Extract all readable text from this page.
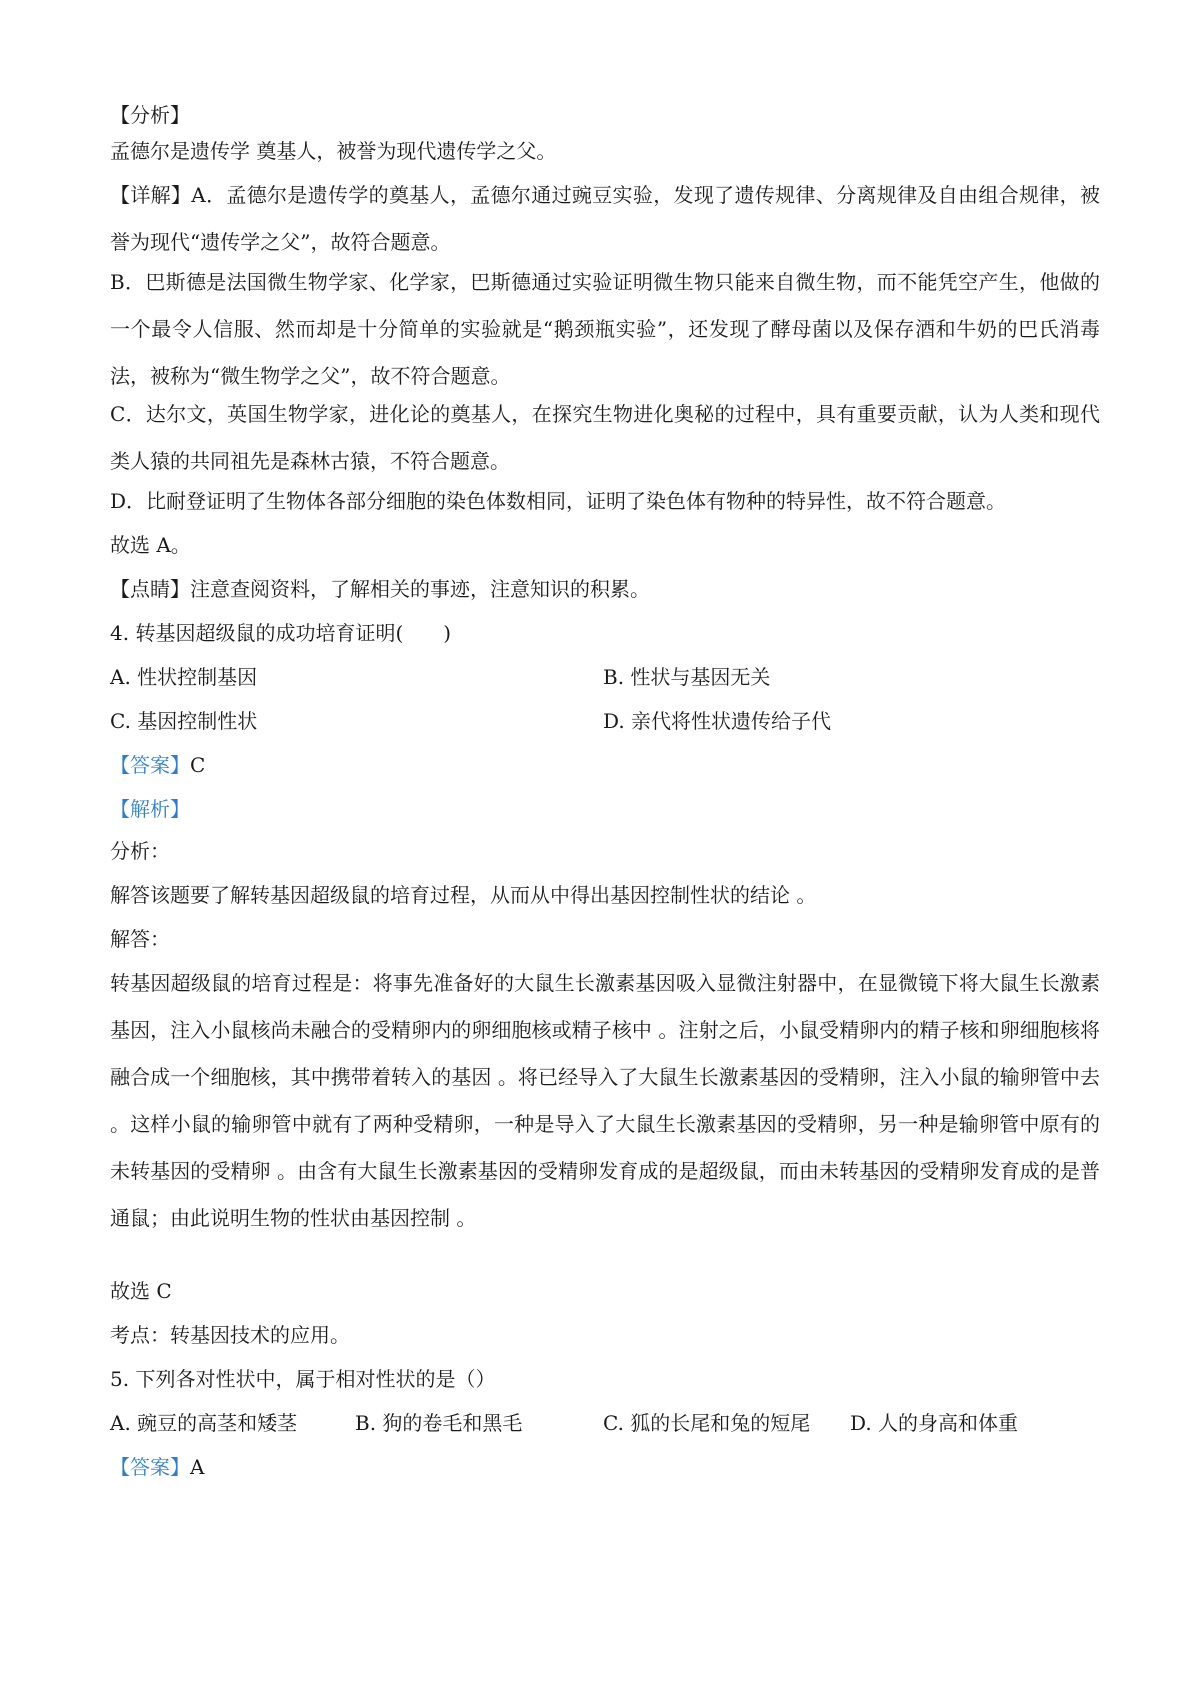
【分析】
孟德尔是遗传学 奠基人，被誉为现代遗传学之父。
【详解】A．孟德尔是遗传学的奠基人，孟德尔通过豌豆实验，发现了遗传规律、分离规律及自由组合规律，被誉为现代“遗传学之父”，故符合题意。
B．巴斯德是法国微生物学家、化学家，巴斯德通过实验证明微生物只能来自微生物，而不能凭空产生，他做的一个最令人信服、然而却是十分简单的实验就是“鹅颈瓶实验”，还发现了酵母菌以及保存酒和牛奶的巴氏消毒法，被称为“微生物学之父”，故不符合题意。
C．达尔文，英国生物学家，进化论的奠基人，在探究生物进化奥秘的过程中，具有重要贡献，认为人类和现代类人猿的共同祖先是森林古猿，不符合题意。
D．比耐登证明了生物体各部分细胞的染色体数相同，证明了染色体有物种的特异性，故不符合题意。
故选 A。
【点睛】注意查阅资料，了解相关的事迹，注意知识的积累。
4. 转基因超级鼠的成功培育证明(　　)
A. 性状控制基因	B. 性状与基因无关
C. 基因控制性状	D. 亲代将性状遗传给子代
【答案】C
【解析】
分析：
解答该题要了解转基因超级鼠的培育过程，从而从中得出基因控制性状的结论 。
解答：
转基因超级鼠的培育过程是：将事先准备好的大鼠生长激素基因吸入显微注射器中，在显微镜下将大鼠生长激素基因，注入小鼠核尚未融合的受精卵内的卵细胞核或精子核中 。注射之后，小鼠受精卵内的精子核和卵细胞核将融合成一个细胞核，其中携带着转入的基因 。将已经导入了大鼠生长激素基因的受精卵，注入小鼠的输卵管中去 。这样小鼠的输卵管中就有了两种受精卵，一种是导入了大鼠生长激素基因的受精卵，另一种是输卵管中原有的未转基因的受精卵 。由含有大鼠生长激素基因的受精卵发育成的是超级鼠，而由未转基因的受精卵发育成的是普通鼠；由此说明生物的性状由基因控制 。
故选 C
考点：转基因技术的应用。
5. 下列各对性状中，属于相对性状的是（）
A. 豌豆的高茎和矮茎	B. 狗的卷毛和黑毛	C. 狐的长尾和兔的短尾 D. 人的身高和体重
【答案】A
